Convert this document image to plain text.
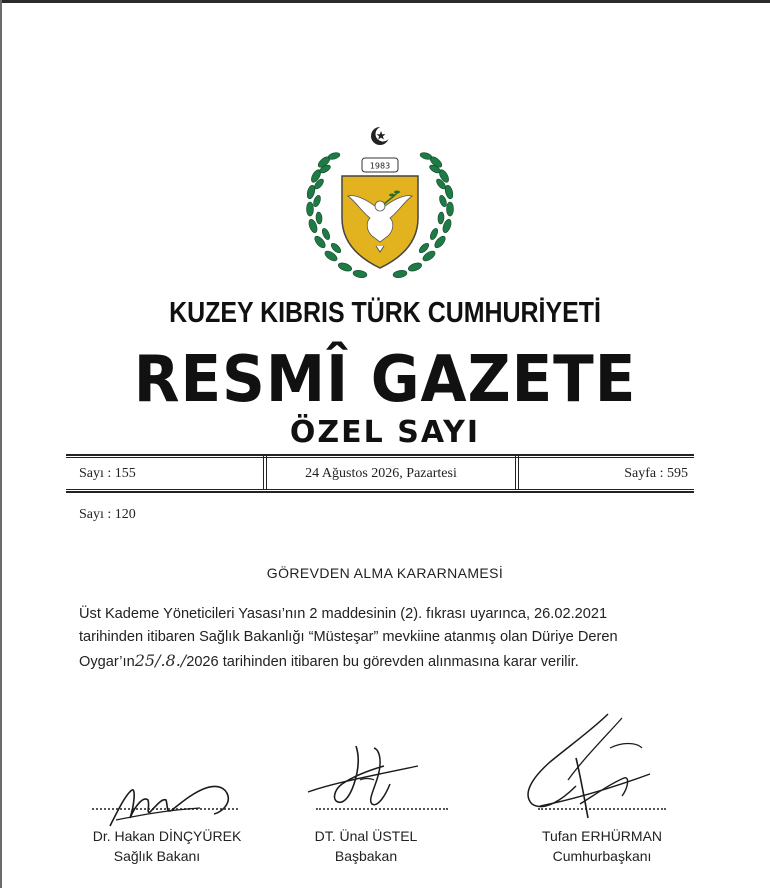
1983
KUZEY KIBRIS TÜRK CUMHURİYETİ
RESMÎ GAZETE
ÖZEL SAYI
Sayı : 155	24 Ağustos 2026, Pazartesi	Sayfa : 595
Sayı : 120
GÖREVDEN ALMA KARARNAMESİ
Üst Kademe Yöneticileri Yasası’nın 2 maddesinin (2). fıkrası uyarınca, 26.02.2021
tarihinden itibaren Sağlık Bakanlığı “Müsteşar” mevkiine atanmış olan Düriye Deren
Oygar’ın25/.8./2026 tarihinden itibaren bu görevden alınmasına karar verilir.
Dr. Hakan DİNÇYÜREK
Sağlık Bakanı
DT. Ünal ÜSTEL
Başbakan
Tufan ERHÜRMAN
Cumhurbaşkanı
